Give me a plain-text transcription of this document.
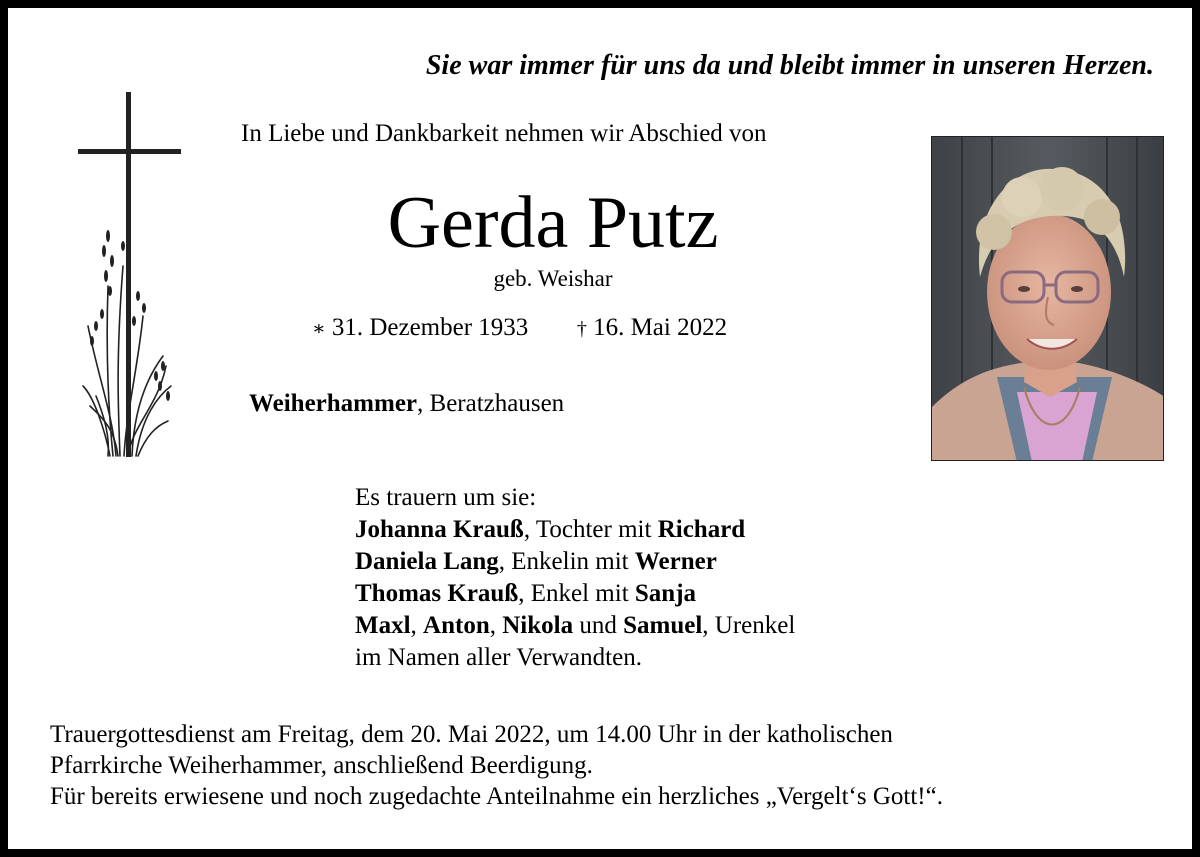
Sie war immer für uns da und bleibt immer in unseren Herzen.
In Liebe und Dankbarkeit nehmen wir Abschied von
Gerda Putz
geb. Weishar
∗ 31. Dezember 1933 † 16. Mai 2022
Weiherhammer, Beratzhausen
Es trauern um sie:
Johanna Krauß, Tochter mit Richard
Daniela Lang, Enkelin mit Werner
Thomas Krauß, Enkel mit Sanja
Maxl, Anton, Nikola und Samuel, Urenkel
im Namen aller Verwandten.
Trauergottesdienst am Freitag, dem 20. Mai 2022, um 14.00 Uhr in der katholischen
Pfarrkirche Weiherhammer, anschließend Beerdigung.
Für bereits erwiesene und noch zugedachte Anteilnahme ein herzliches „Vergelt‘s Gott!“.
